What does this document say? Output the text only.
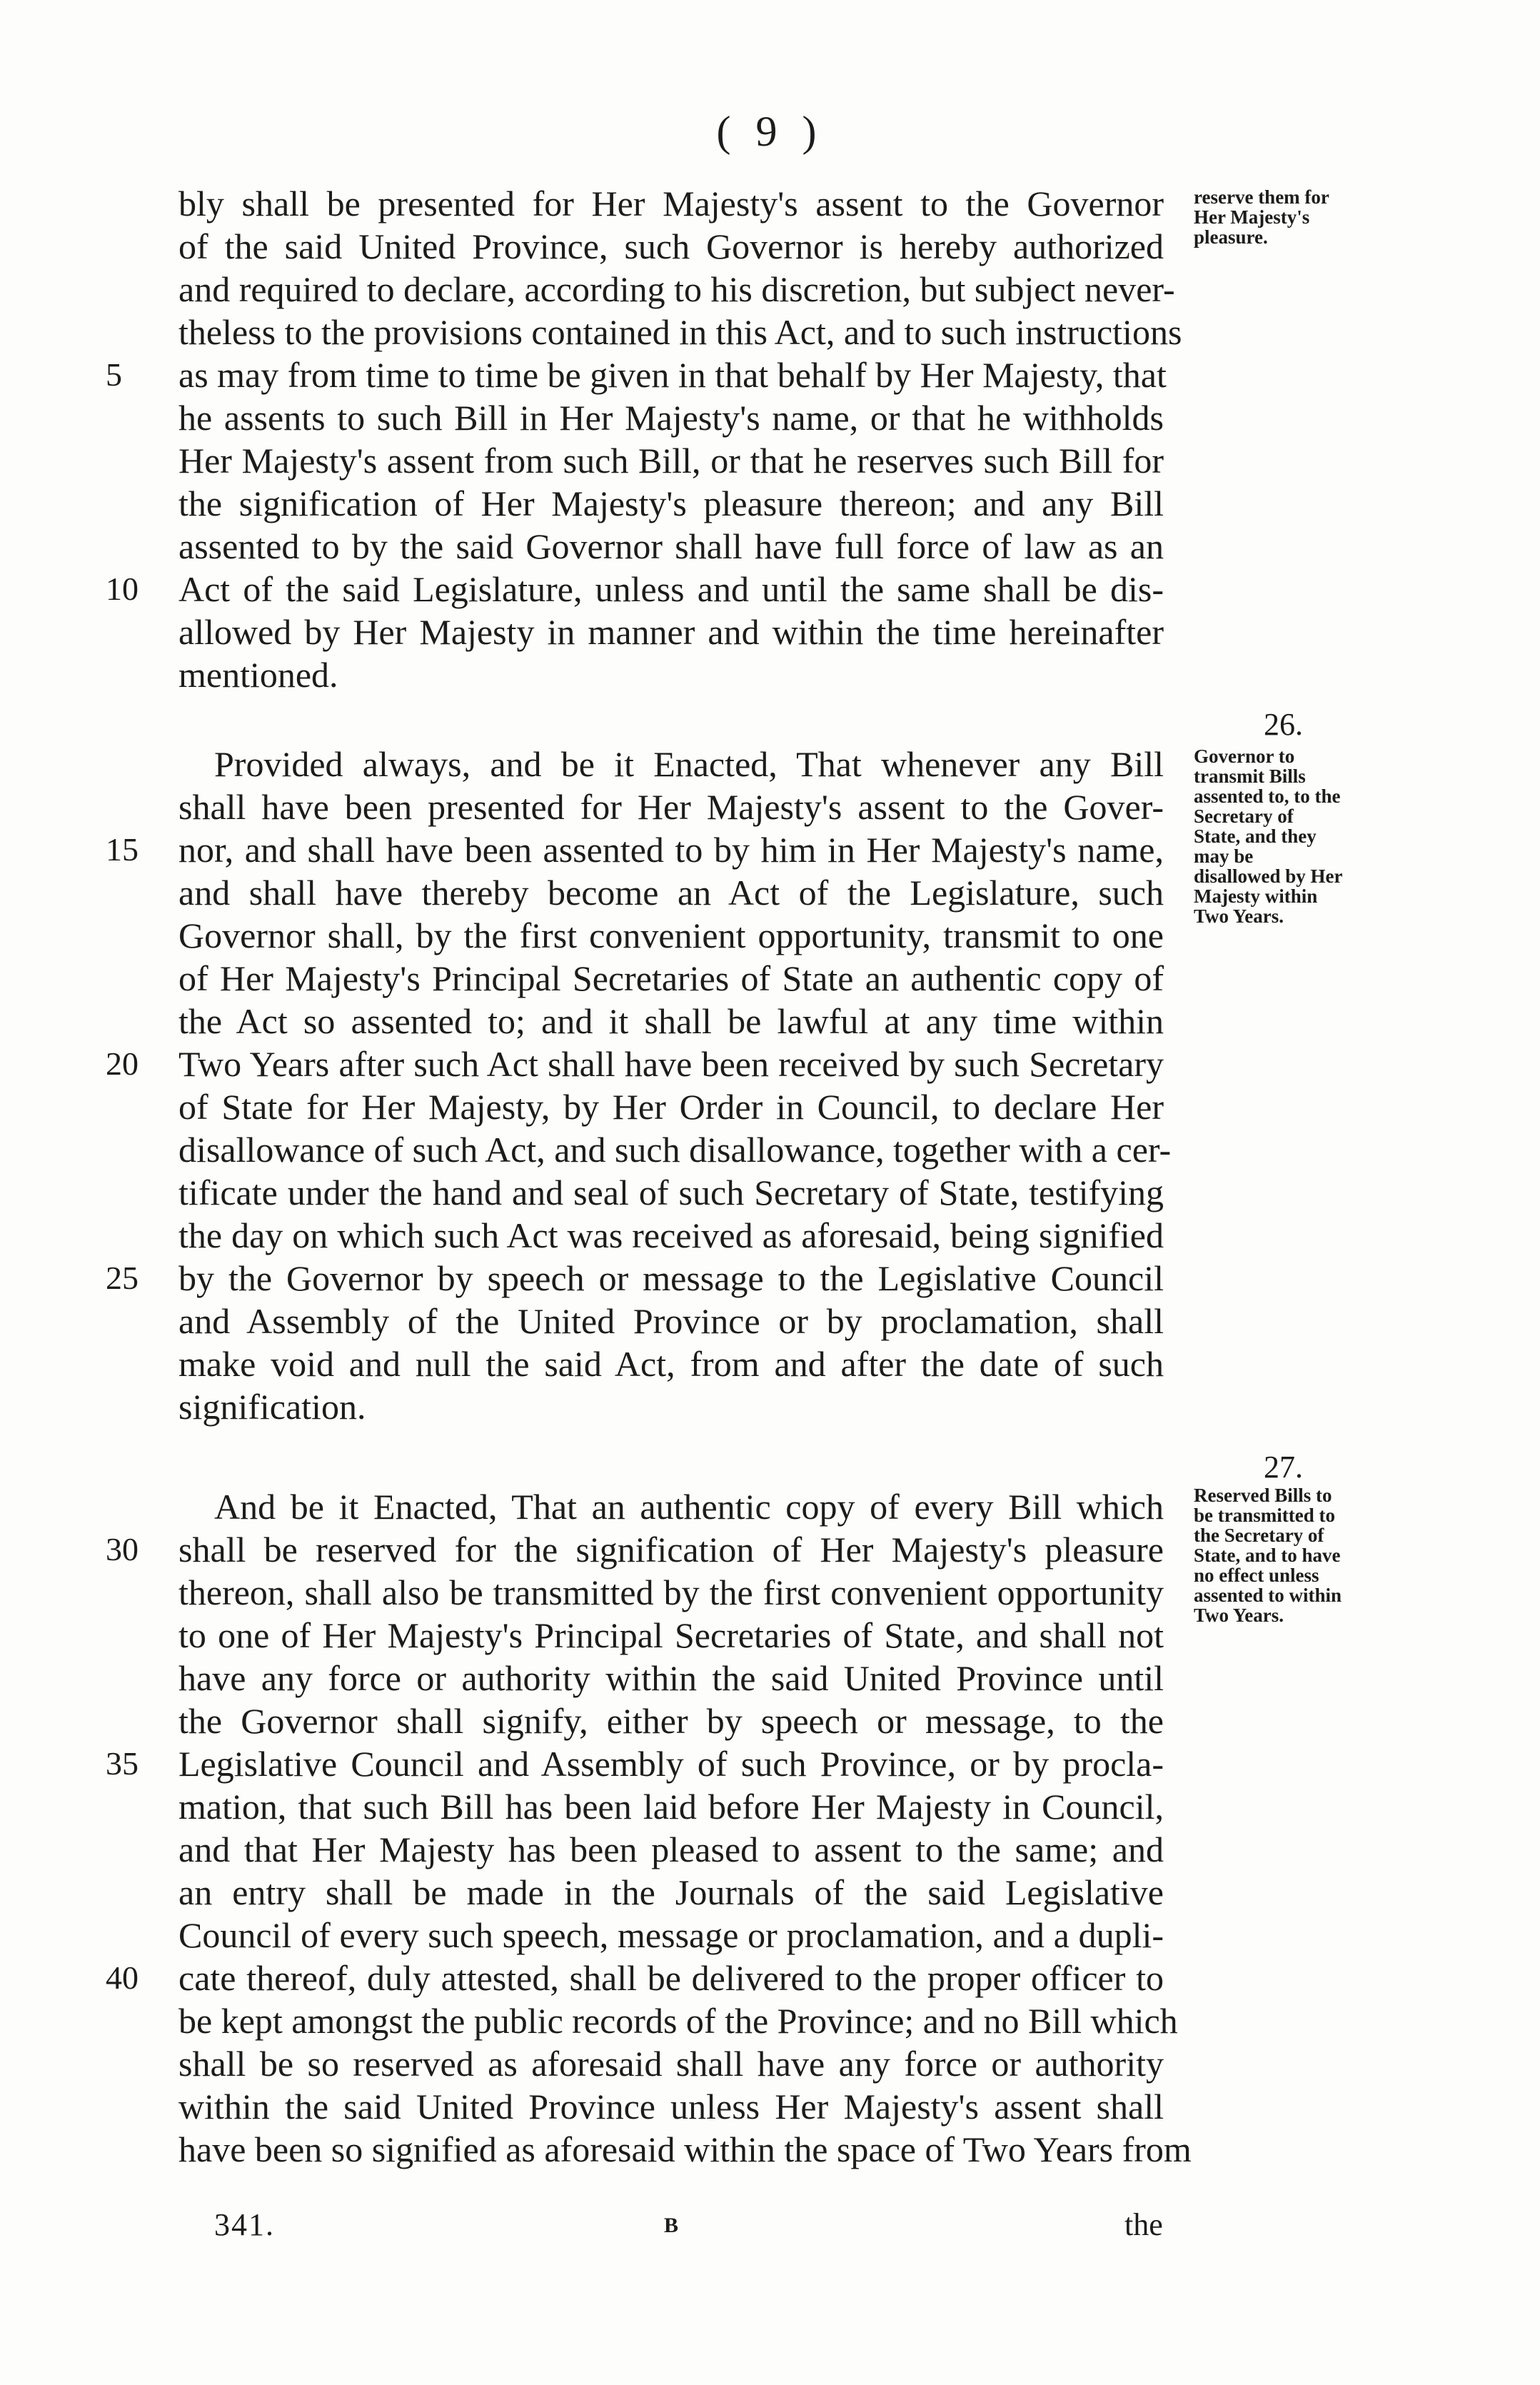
( 9 )
bly shall be presented for Her Majesty's assent to the Governor
of the said United Province, such Governor is hereby authorized
and required to declare, according to his discretion, but subject never-
theless to the provisions contained in this Act, and to such instructions
as may from time to time be given in that behalf by Her Majesty, that
he assents to such Bill in Her Majesty's name, or that he withholds
Her Majesty's assent from such Bill, or that he reserves such Bill for
the signification of Her Majesty's pleasure thereon; and any Bill
assented to by the said Governor shall have full force of law as an
Act of the said Legislature, unless and until the same shall be dis-
allowed by Her Majesty in manner and within the time hereinafter
mentioned.
Provided always, and be it Enacted, That whenever any Bill
shall have been presented for Her Majesty's assent to the Gover-
nor, and shall have been assented to by him in Her Majesty's name,
and shall have thereby become an Act of the Legislature, such
Governor shall, by the first convenient opportunity, transmit to one
of Her Majesty's Principal Secretaries of State an authentic copy of
the Act so assented to; and it shall be lawful at any time within
Two Years after such Act shall have been received by such Secretary
of State for Her Majesty, by Her Order in Council, to declare Her
disallowance of such Act, and such disallowance, together with a cer-
tificate under the hand and seal of such Secretary of State, testifying
the day on which such Act was received as aforesaid, being signified
by the Governor by speech or message to the Legislative Council
and Assembly of the United Province or by proclamation, shall
make void and null the said Act, from and after the date of such
signification.
And be it Enacted, That an authentic copy of every Bill which
shall be reserved for the signification of Her Majesty's pleasure
thereon, shall also be transmitted by the first convenient opportunity
to one of Her Majesty's Principal Secretaries of State, and shall not
have any force or authority within the said United Province until
the Governor shall signify, either by speech or message, to the
Legislative Council and Assembly of such Province, or by procla-
mation, that such Bill has been laid before Her Majesty in Council,
and that Her Majesty has been pleased to assent to the same; and
an entry shall be made in the Journals of the said Legislative
Council of every such speech, message or proclamation, and a dupli-
cate thereof, duly attested, shall be delivered to the proper officer to
be kept amongst the public records of the Province; and no Bill which
shall be so reserved as aforesaid shall have any force or authority
within the said United Province unless Her Majesty's assent shall
have been so signified as aforesaid within the space of Two Years from
5
10
15
20
25
30
35
40
reserve them for Her Majesty's pleasure.
26.
Governor to transmit Bills assented to, to the Secretary of State, and they may be disallowed by Her Majesty within Two Years.
27.
Reserved Bills to be transmitted to the Secretary of State, and to have no effect unless assented to within Two Years.
341.	B	the
